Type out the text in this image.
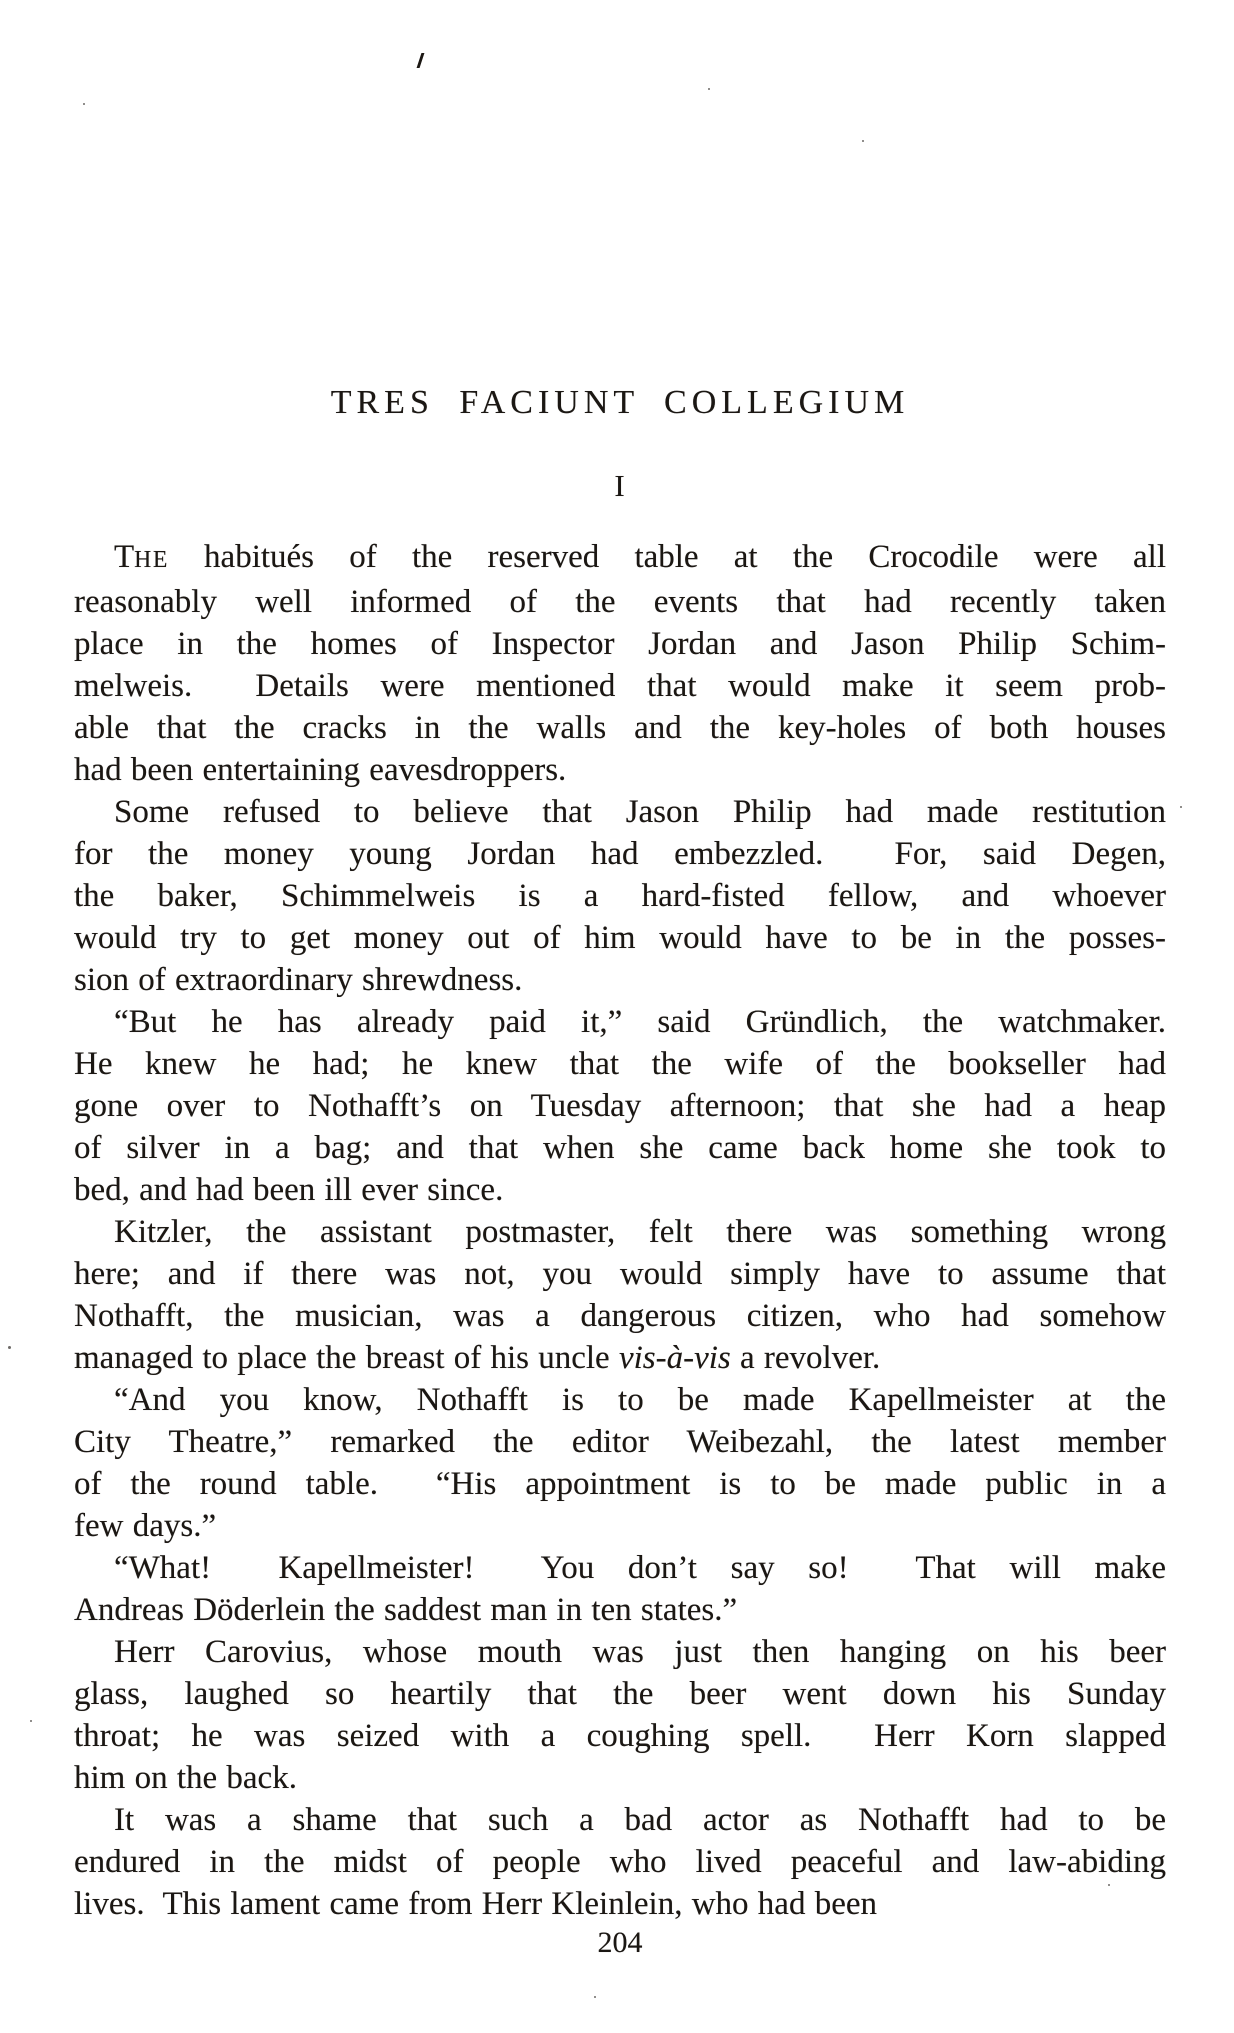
TRES FACIUNT COLLEGIUM
I
THE habitués of the reserved table at the Crocodile were all
reasonably well informed of the events that had recently taken
place in the homes of Inspector Jordan and Jason Philip Schim-
melweis.  Details were mentioned that would make it seem prob-
able that the cracks in the walls and the key-holes of both houses
had been entertaining eavesdroppers.
Some refused to believe that Jason Philip had made restitution
for the money young Jordan had embezzled.  For, said Degen,
the baker, Schimmelweis is a hard-fisted fellow, and whoever
would try to get money out of him would have to be in the posses-
sion of extraordinary shrewdness.
“But he has already paid it,” said Gründlich, the watchmaker.
He knew he had; he knew that the wife of the bookseller had
gone over to Nothafft’s on Tuesday afternoon; that she had a heap
of silver in a bag; and that when she came back home she took to
bed, and had been ill ever since.
Kitzler, the assistant postmaster, felt there was something wrong
here; and if there was not, you would simply have to assume that
Nothafft, the musician, was a dangerous citizen, who had somehow
managed to place the breast of his uncle vis-à-vis a revolver.
“And you know, Nothafft is to be made Kapellmeister at the
City Theatre,” remarked the editor Weibezahl, the latest member
of the round table.  “His appointment is to be made public in a
few days.”
“What!  Kapellmeister!  You don’t say so!  That will make
Andreas Döderlein the saddest man in ten states.”
Herr Carovius, whose mouth was just then hanging on his beer
glass, laughed so heartily that the beer went down his Sunday
throat; he was seized with a coughing spell.  Herr Korn slapped
him on the back.
It was a shame that such a bad actor as Nothafft had to be
endured in the midst of people who lived peaceful and law-abiding
lives.  This lament came from Herr Kleinlein, who had been
204
